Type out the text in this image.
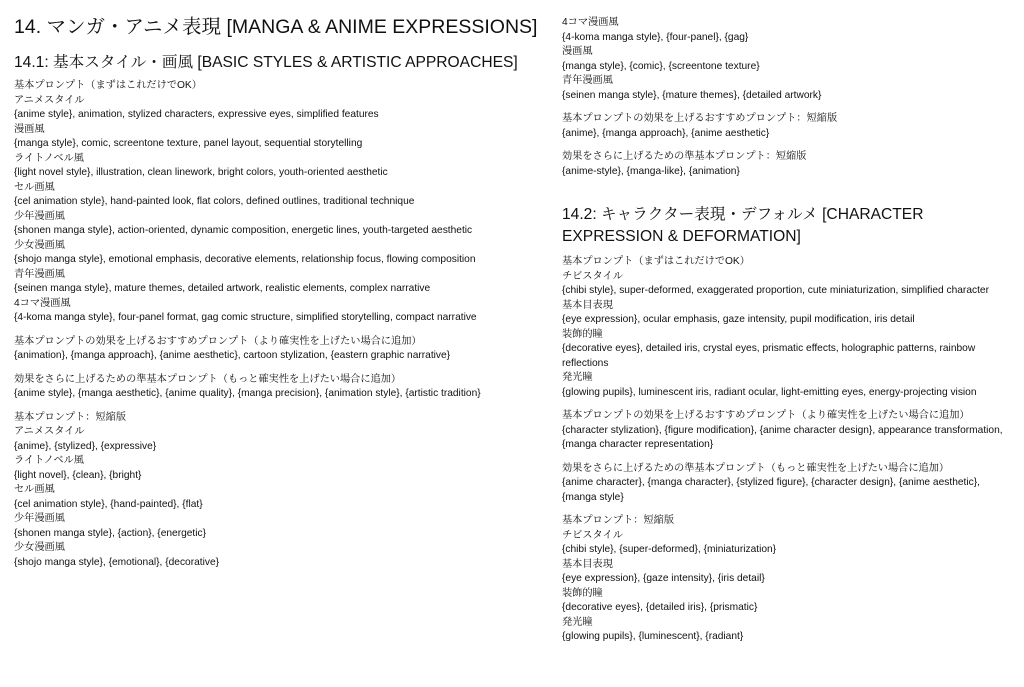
14. マンガ・アニメ表現 [MANGA & ANIME EXPRESSIONS]
14.1: 基本スタイル・画風 [BASIC STYLES & ARTISTIC APPROACHES]
基本プロンプト（まずはこれだけでOK）
アニメスタイル
{anime style}, animation, stylized characters, expressive eyes, simplified features
漫画風
{manga style}, comic, screentone texture, panel layout, sequential storytelling
ライトノベル風
{light novel style}, illustration, clean linework, bright colors, youth-oriented aesthetic
セル画風
{cel animation style}, hand-painted look, flat colors, defined outlines, traditional technique
少年漫画風
{shonen manga style}, action-oriented, dynamic composition, energetic lines, youth-targeted aesthetic
少女漫画風
{shojo manga style}, emotional emphasis, decorative elements, relationship focus, flowing composition
青年漫画風
{seinen manga style}, mature themes, detailed artwork, realistic elements, complex narrative
4コマ漫画風
{4-koma manga style}, four-panel format, gag comic structure, simplified storytelling, compact narrative
基本プロンプトの効果を上げるおすすめプロンプト（より確実性を上げたい場合に追加）
{animation}, {manga approach}, {anime aesthetic}, cartoon stylization, {eastern graphic narrative}
効果をさらに上げるための準基本プロンプト（もっと確実性を上げたい場合に追加）
{anime style}, {manga aesthetic}, {anime quality}, {manga precision}, {animation style}, {artistic tradition}
基本プロンプト：短縮版
アニメスタイル
{anime}, {stylized}, {expressive}
ライトノベル風
{light novel}, {clean}, {bright}
セル画風
{cel animation style}, {hand-painted}, {flat}
少年漫画風
{shonen manga style}, {action}, {energetic}
少女漫画風
{shojo manga style}, {emotional}, {decorative}
4コマ漫画風
{4-koma manga style}, {four-panel}, {gag}
漫画風
{manga style}, {comic}, {screentone texture}
青年漫画風
{seinen manga style}, {mature themes}, {detailed artwork}
基本プロンプトの効果を上げるおすすめプロンプト：短縮版
{anime}, {manga approach}, {anime aesthetic}
効果をさらに上げるための準基本プロンプト：短縮版
{anime-style}, {manga-like}, {animation}
14.2: キャラクター表現・デフォルメ [CHARACTER EXPRESSION & DEFORMATION]
基本プロンプト（まずはこれだけでOK）
チビスタイル
{chibi style}, super-deformed, exaggerated proportion, cute miniaturization, simplified character
基本目表現
{eye expression}, ocular emphasis, gaze intensity, pupil modification, iris detail
装飾的瞳
{decorative eyes}, detailed iris, crystal eyes, prismatic effects, holographic patterns, rainbow reflections
発光瞳
{glowing pupils}, luminescent iris, radiant ocular, light-emitting eyes, energy-projecting vision
基本プロンプトの効果を上げるおすすめプロンプト（より確実性を上げたい場合に追加）
{character stylization}, {figure modification}, {anime character design}, appearance transformation, {manga character representation}
効果をさらに上げるための準基本プロンプト（もっと確実性を上げたい場合に追加）
{anime character}, {manga character}, {stylized figure}, {character design}, {anime aesthetic}, {manga style}
基本プロンプト：短縮版
チビスタイル
{chibi style}, {super-deformed}, {miniaturization}
基本目表現
{eye expression}, {gaze intensity}, {iris detail}
装飾的瞳
{decorative eyes}, {detailed iris}, {prismatic}
発光瞳
{glowing pupils}, {luminescent}, {radiant}
